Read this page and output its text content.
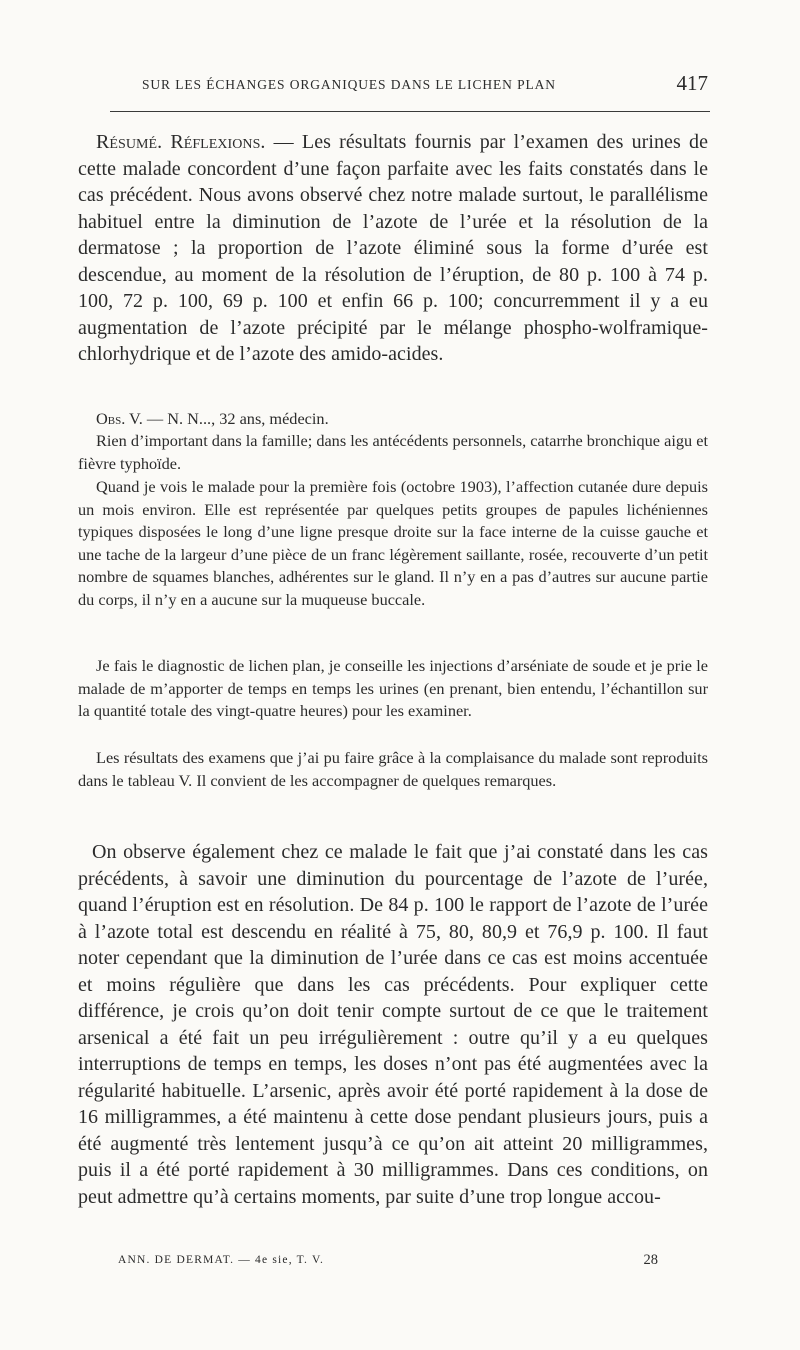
SUR LES ÉCHANGES ORGANIQUES DANS LE LICHEN PLAN	417

Résumé. Réflexions. — Les résultats fournis par l’examen des urines de cette malade concordent d’une façon parfaite avec les faits constatés dans le cas précédent. Nous avons observé chez notre malade surtout, le parallélisme habituel entre la diminution de l’azote de l’urée et la résolution de la dermatose ; la proportion de l’azote éliminé sous la forme d’urée est descendue, au moment de la résolution de l’éruption, de 80 p. 100 à 74 p. 100, 72 p. 100, 69 p. 100 et enfin 66 p. 100; concurremment il y a eu augmentation de l’azote précipité par le mélange phospho-wolframique-chlorhydrique et de l’azote des amido-acides.

Obs. V. — N. N..., 32 ans, médecin.

Rien d’important dans la famille; dans les antécédents personnels, catarrhe bronchique aigu et fièvre typhoïde.

Quand je vois le malade pour la première fois (octobre 1903), l’affection cutanée dure depuis un mois environ. Elle est représentée par quelques petits groupes de papules lichéniennes typiques disposées le long d’une ligne presque droite sur la face interne de la cuisse gauche et une tache de la largeur d’une pièce de un franc légèrement saillante, rosée, recouverte d’un petit nombre de squames blanches, adhérentes sur le gland. Il n’y en a pas d’autres sur aucune partie du corps, il n’y en a aucune sur la muqueuse buccale.

Je fais le diagnostic de lichen plan, je conseille les injections d’arséniate de soude et je prie le malade de m’apporter de temps en temps les urines (en prenant, bien entendu, l’échantillon sur la quantité totale des vingt-quatre heures) pour les examiner.

Les résultats des examens que j’ai pu faire grâce à la complaisance du malade sont reproduits dans le tableau V. Il convient de les accompagner de quelques remarques.

On observe également chez ce malade le fait que j’ai constaté dans les cas précédents, à savoir une diminution du pourcentage de l’azote de l’urée, quand l’éruption est en résolution. De 84 p. 100 le rapport de l’azote de l’urée à l’azote total est descendu en réalité à 75, 80, 80,9 et 76,9 p. 100. Il faut noter cependant que la diminution de l’urée dans ce cas est moins accentuée et moins régulière que dans les cas précédents. Pour expliquer cette différence, je crois qu’on doit tenir compte surtout de ce que le traitement arsenical a été fait un peu irrégulièrement : outre qu’il y a eu quelques interruptions de temps en temps, les doses n’ont pas été augmentées avec la régularité habituelle. L’arsenic, après avoir été porté rapidement à la dose de 16 milligrammes, a été maintenu à cette dose pendant plusieurs jours, puis a été augmenté très lentement jusqu’à ce qu’on ait atteint 20 milligrammes, puis il a été porté rapidement à 30 milligrammes. Dans ces conditions, on peut admettre qu’à certains moments, par suite d’une trop longue accou-

ANN. DE DERMAT. — 4e sie, T. V.	28
